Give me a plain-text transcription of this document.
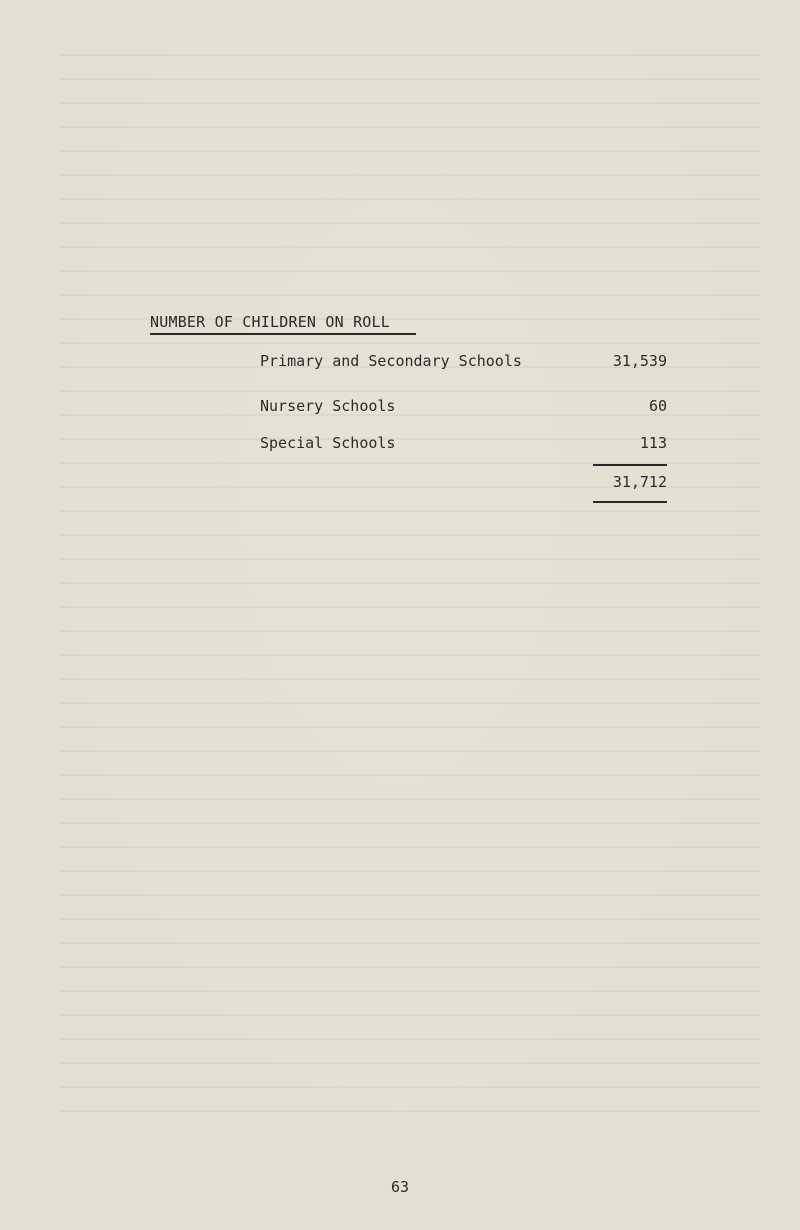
NUMBER OF CHILDREN ON ROLL
Primary and Secondary Schools	31,539
Nursery Schools	60
Special Schools	113
31,712
63
